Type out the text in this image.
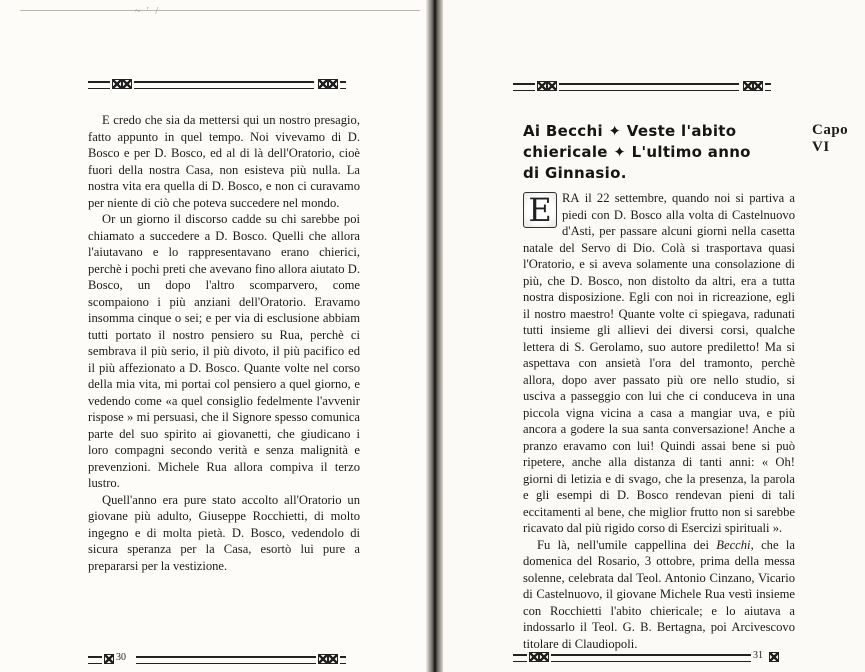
~ ' /

E credo che sia da mettersi qui un nostro presagio, fatto appunto in quel tempo. Noi vivevamo di D. Bosco e per D. Bosco, ed al di là dell'Oratorio, cioè fuori della nostra Casa, non esisteva più nulla. La nostra vita era quella di D. Bosco, e non ci curavamo per niente di ciò che poteva succedere nel mondo.

Or un giorno il discorso cadde su chi sarebbe poi chiamato a succedere a D. Bosco. Quelli che allora l'aiutavano e lo rappresentavano erano chierici, perchè i pochi preti che avevano fino allora aiutato D. Bosco, un dopo l'altro scomparvero, come scompaiono i più anziani dell'Oratorio. Eravamo insomma cinque o sei; e per via di esclusione abbiam tutti portato il nostro pensiero su Rua, perchè ci sembrava il più serio, il più divoto, il più pacifico ed il più affezionato a D. Bosco. Quante volte nel corso della mia vita, mi portai col pensiero a quel giorno, e vedendo come «a quel consiglio fedelmente l'avvenir rispose » mi persuasi, che il Signore spesso comunica parte del suo spirito ai giovanetti, che giudicano i loro compagni secondo verità e senza malignità e prevenzioni. Michele Rua allora compiva il terzo lustro.

Quell'anno era pure stato accolto all'Oratorio un giovane più adulto, Giuseppe Rocchietti, di molto ingegno e di molta pietà. D. Bosco, vedendolo di sicura speranza per la Casa, esortò lui pure a prepararsi per la vestizione.

30
Ai Becchi ✦ Veste l'abito chiericale ✦ L'ultimo anno di Ginnasio.
Capo VI

E RA il 22 settembre, quando noi si partiva a piedi con D. Bosco alla volta di Castelnuovo d'Asti, per passare alcuni giorni nella casetta natale del Servo di Dio. Colà si trasportava quasi l'Oratorio, e si aveva solamente una consolazione di più, che D. Bosco, non distolto da altri, era a tutta nostra disposizione. Egli con noi in ricreazione, egli il nostro maestro! Quante volte ci spiegava, radunati tutti insieme gli allievi dei diversi corsi, qualche lettera di S. Gerolamo, suo autore prediletto! Ma si aspettava con ansietà l'ora del tramonto, perchè allora, dopo aver passato più ore nello studio, si usciva a passeggio con lui che ci conduceva in una piccola vigna vicina a casa a mangiar uva, e più ancora a godere la sua santa conversazione! Anche a pranzo eravamo con lui! Quindi assai bene si può ripetere, anche alla distanza di tanti anni: « Oh! giorni di letizia e di svago, che la presenza, la parola e gli esempi di D. Bosco rendevan pieni di tali eccitamenti al bene, che miglior frutto non si sarebbe ricavato dal più rigido corso di Esercizi spirituali ».

Fu là, nell'umile cappellina dei Becchi, che la domenica del Rosario, 3 ottobre, prima della messa solenne, celebrata dal Teol. Antonio Cinzano, Vicario di Castelnuovo, il giovane Michele Rua vestì insieme con Rocchietti l'abito chiericale; e lo aiutava a indossarlo il Teol. G. B. Bertagna, poi Arcivescovo titolare di Claudiopoli.

31
